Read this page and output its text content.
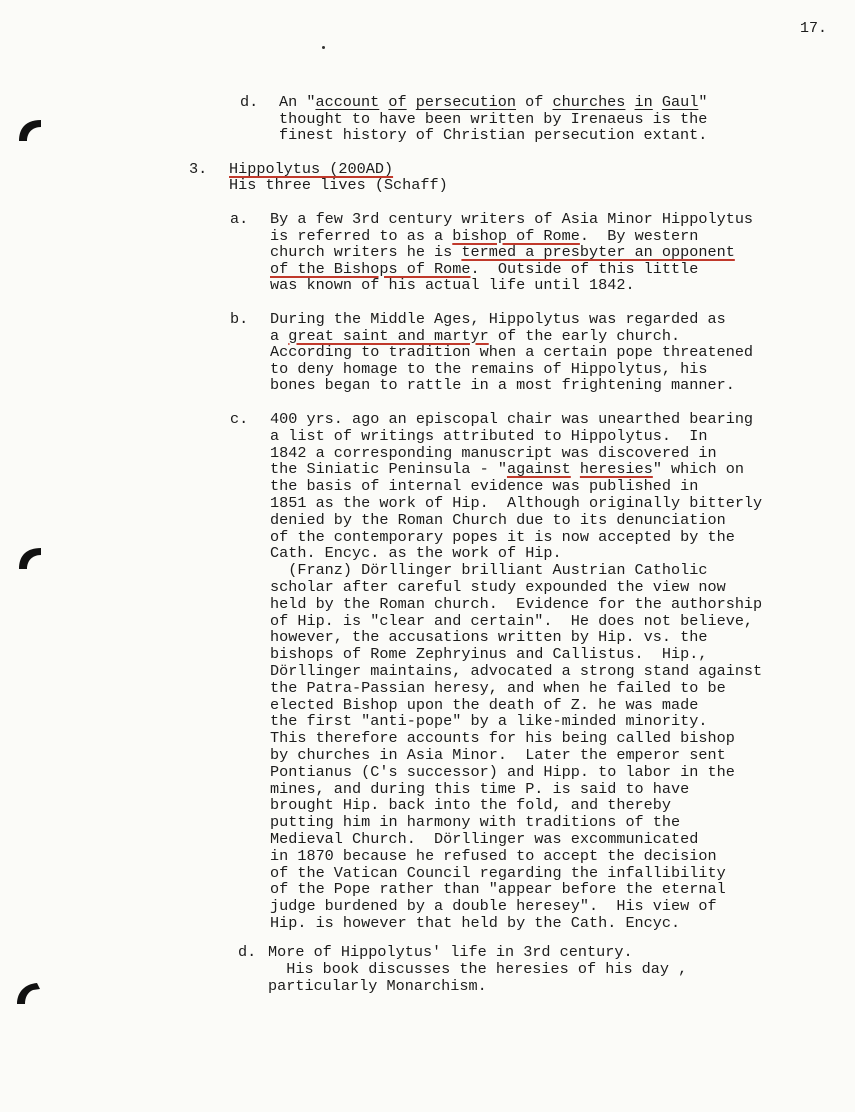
17.
d. An "account of persecution of churches in Gaul"
thought to have been written by Irenaeus is the
finest history of Christian persecution extant.
3. Hippolytus (200AD)
His three lives (Schaff)
a. By a few 3rd century writers of Asia Minor Hippolytus
is referred to as a bishop of Rome.  By western
church writers he is termed a presbyter an opponent
of the Bishops of Rome.  Outside of this little
was known of his actual life until 1842.
b. During the Middle Ages, Hippolytus was regarded as
a great saint and martyr of the early church.
According to tradition when a certain pope threatened
to deny homage to the remains of Hippolytus, his
bones began to rattle in a most frightening manner.
c. 400 yrs. ago an episcopal chair was unearthed bearing
a list of writings attributed to Hippolytus.  In
1842 a corresponding manuscript was discovered in
the Siniatic Peninsula - "against heresies" which on
the basis of internal evidence was published in
1851 as the work of Hip.  Although originally bitterly
denied by the Roman Church due to its denunciation
of the contemporary popes it is now accepted by the
Cath. Encyc. as the work of Hip.
(Franz) Dörllinger brilliant Austrian Catholic
scholar after careful study expounded the view now
held by the Roman church.  Evidence for the authorship
of Hip. is "clear and certain".  He does not believe,
however, the accusations written by Hip. vs. the
bishops of Rome Zephryinus and Callistus.  Hip.,
Dörllinger maintains, advocated a strong stand against
the Patra-Passian heresy, and when he failed to be
elected Bishop upon the death of Z. he was made
the first "anti-pope" by a like-minded minority.
This therefore accounts for his being called bishop
by churches in Asia Minor.  Later the emperor sent
Pontianus (C's successor) and Hipp. to labor in the
mines, and during this time P. is said to have
brought Hip. back into the fold, and thereby
putting him in harmony with traditions of the
Medieval Church.  Dörllinger was excommunicated
in 1870 because he refused to accept the decision
of the Vatican Council regarding the infallibility
of the Pope rather than "appear before the eternal
judge burdened by a double heresey".  His view of
Hip. is however that held by the Cath. Encyc.
d. More of Hippolytus' life in 3rd century.
His book discusses the heresies of his day ,
particularly Monarchism.
